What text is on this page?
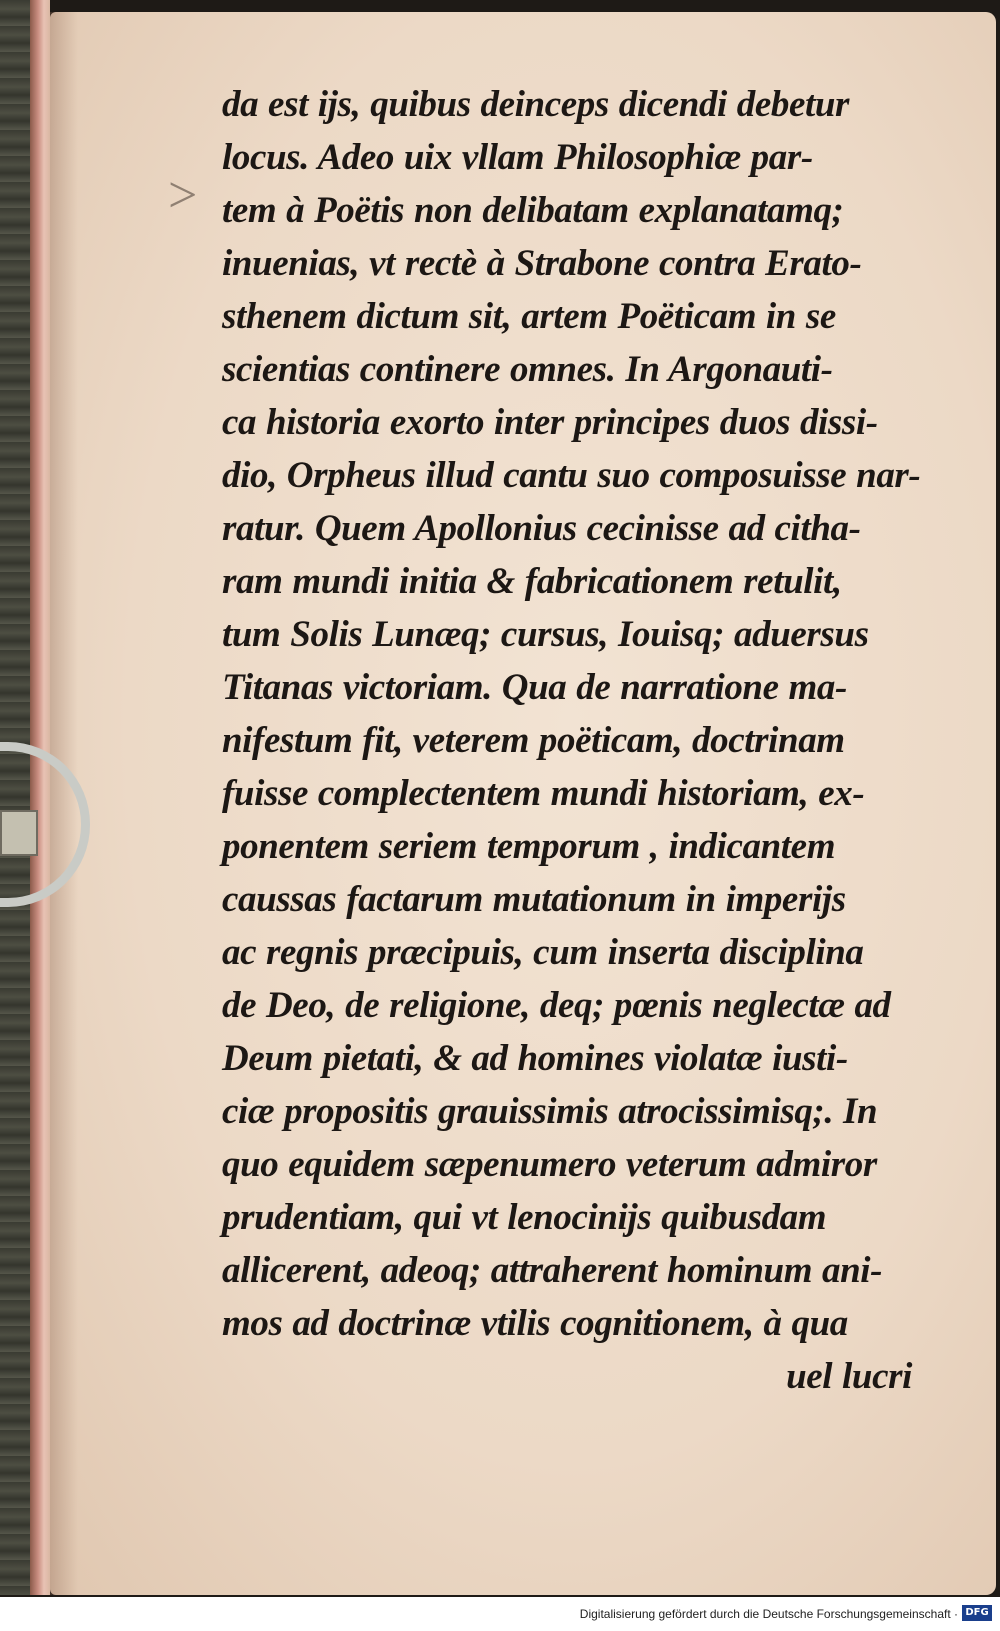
>
da est ijs, quibus deinceps dicendi debetur
locus. Adeo uix vllam Philosophiæ par-
tem à Poëtis non delibatam explanatamq;
inuenias, vt rectè à Strabone contra Erato-
sthenem dictum sit, artem Poëticam in se
scientias continere omnes. In Argonauti-
ca historia exorto inter principes duos dissi-
dio, Orpheus illud cantu suo composuisse nar-
ratur. Quem Apollonius cecinisse ad citha-
ram mundi initia & fabricationem retulit,
tum Solis Lunæq; cursus, Iouisq; aduersus
Titanas victoriam. Qua de narratione ma-
nifestum fit, veterem poëticam, doctrinam
fuisse complectentem mundi historiam, ex-
ponentem seriem temporum , indicantem
caussas factarum mutationum in imperijs
ac regnis præcipuis, cum inserta disciplina
de Deo, de religione, deq; pœnis neglectæ ad
Deum pietati, & ad homines violatæ iusti-
ciæ propositis grauissimis atrocissimisq;. In
quo equidem sæpenumero veterum admiror
prudentiam, qui vt lenocinijs quibusdam
allicerent, adeoq; attraherent hominum ani-
mos ad doctrinæ vtilis cognitionem, à qua
uel lucri
Digitalisierung gefördert durch die Deutsche Forschungsgemeinschaft · DFG
